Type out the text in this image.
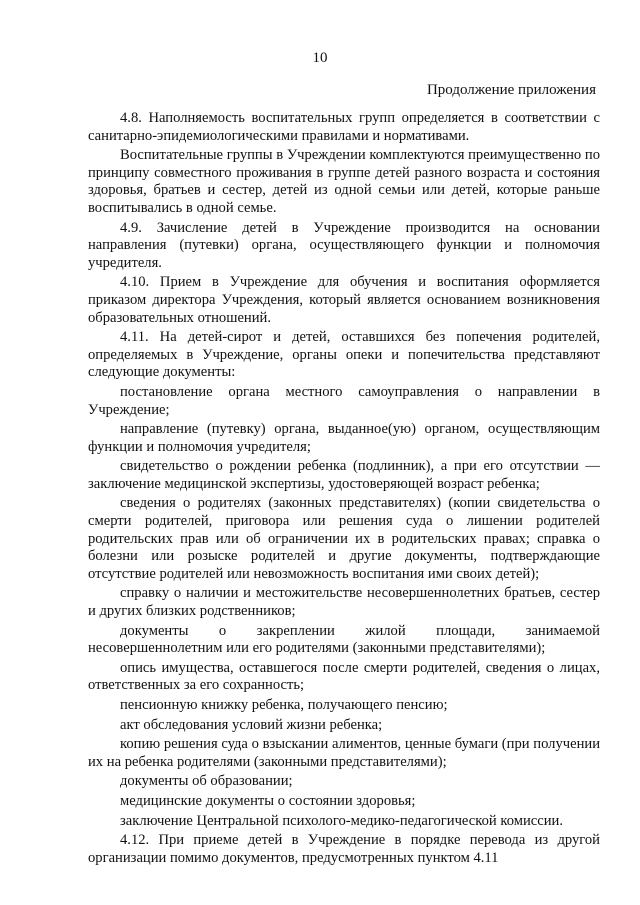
10
Продолжение приложения

4.8. Наполняемость воспитательных групп определяется в соответствии с санитарно-эпидемиологическими правилами и нормативами.

Воспитательные группы в Учреждении комплектуются преимущественно по принципу совместного проживания в группе детей разного возраста и состояния здоровья, братьев и сестер, детей из одной семьи или детей, которые раньше воспитывались в одной семье.

4.9. Зачисление детей в Учреждение производится на основании направления (путевки) органа, осуществляющего функции и полномочия учредителя.

4.10. Прием в Учреждение для обучения и воспитания оформляется приказом директора Учреждения, который является основанием возникновения образовательных отношений.

4.11. На детей-сирот и детей, оставшихся без попечения родителей, определяемых в Учреждение, органы опеки и попечительства представляют следующие документы:

постановление органа местного самоуправления о направлении в Учреждение;

направление (путевку) органа, выданное(ую) органом, осуществляющим функции и полномочия учредителя;

свидетельство о рождении ребенка (подлинник), а при его отсутствии — заключение медицинской экспертизы, удостоверяющей возраст ребенка;

сведения о родителях (законных представителях) (копии свидетельства о смерти родителей, приговора или решения суда о лишении родителей родительских прав или об ограничении их в родительских правах; справка о болезни или розыске родителей и другие документы, подтверждающие отсутствие родителей или невозможность воспитания ими своих детей);

справку о наличии и местожительстве несовершеннолетних братьев, сестер и других близких родственников;

документы о закреплении жилой площади, занимаемой несовершеннолетним или его родителями (законными представителями);

опись имущества, оставшегося после смерти родителей, сведения о лицах, ответственных за его сохранность;

пенсионную книжку ребенка, получающего пенсию;

акт обследования условий жизни ребенка;

копию решения суда о взыскании алиментов, ценные бумаги (при получении их на ребенка родителями (законными представителями);

документы об образовании;

медицинские документы о состоянии здоровья;

заключение Центральной психолого-медико-педагогической комиссии.

4.12. При приеме детей в Учреждение в порядке перевода из другой организации помимо документов, предусмотренных пунктом 4.11
